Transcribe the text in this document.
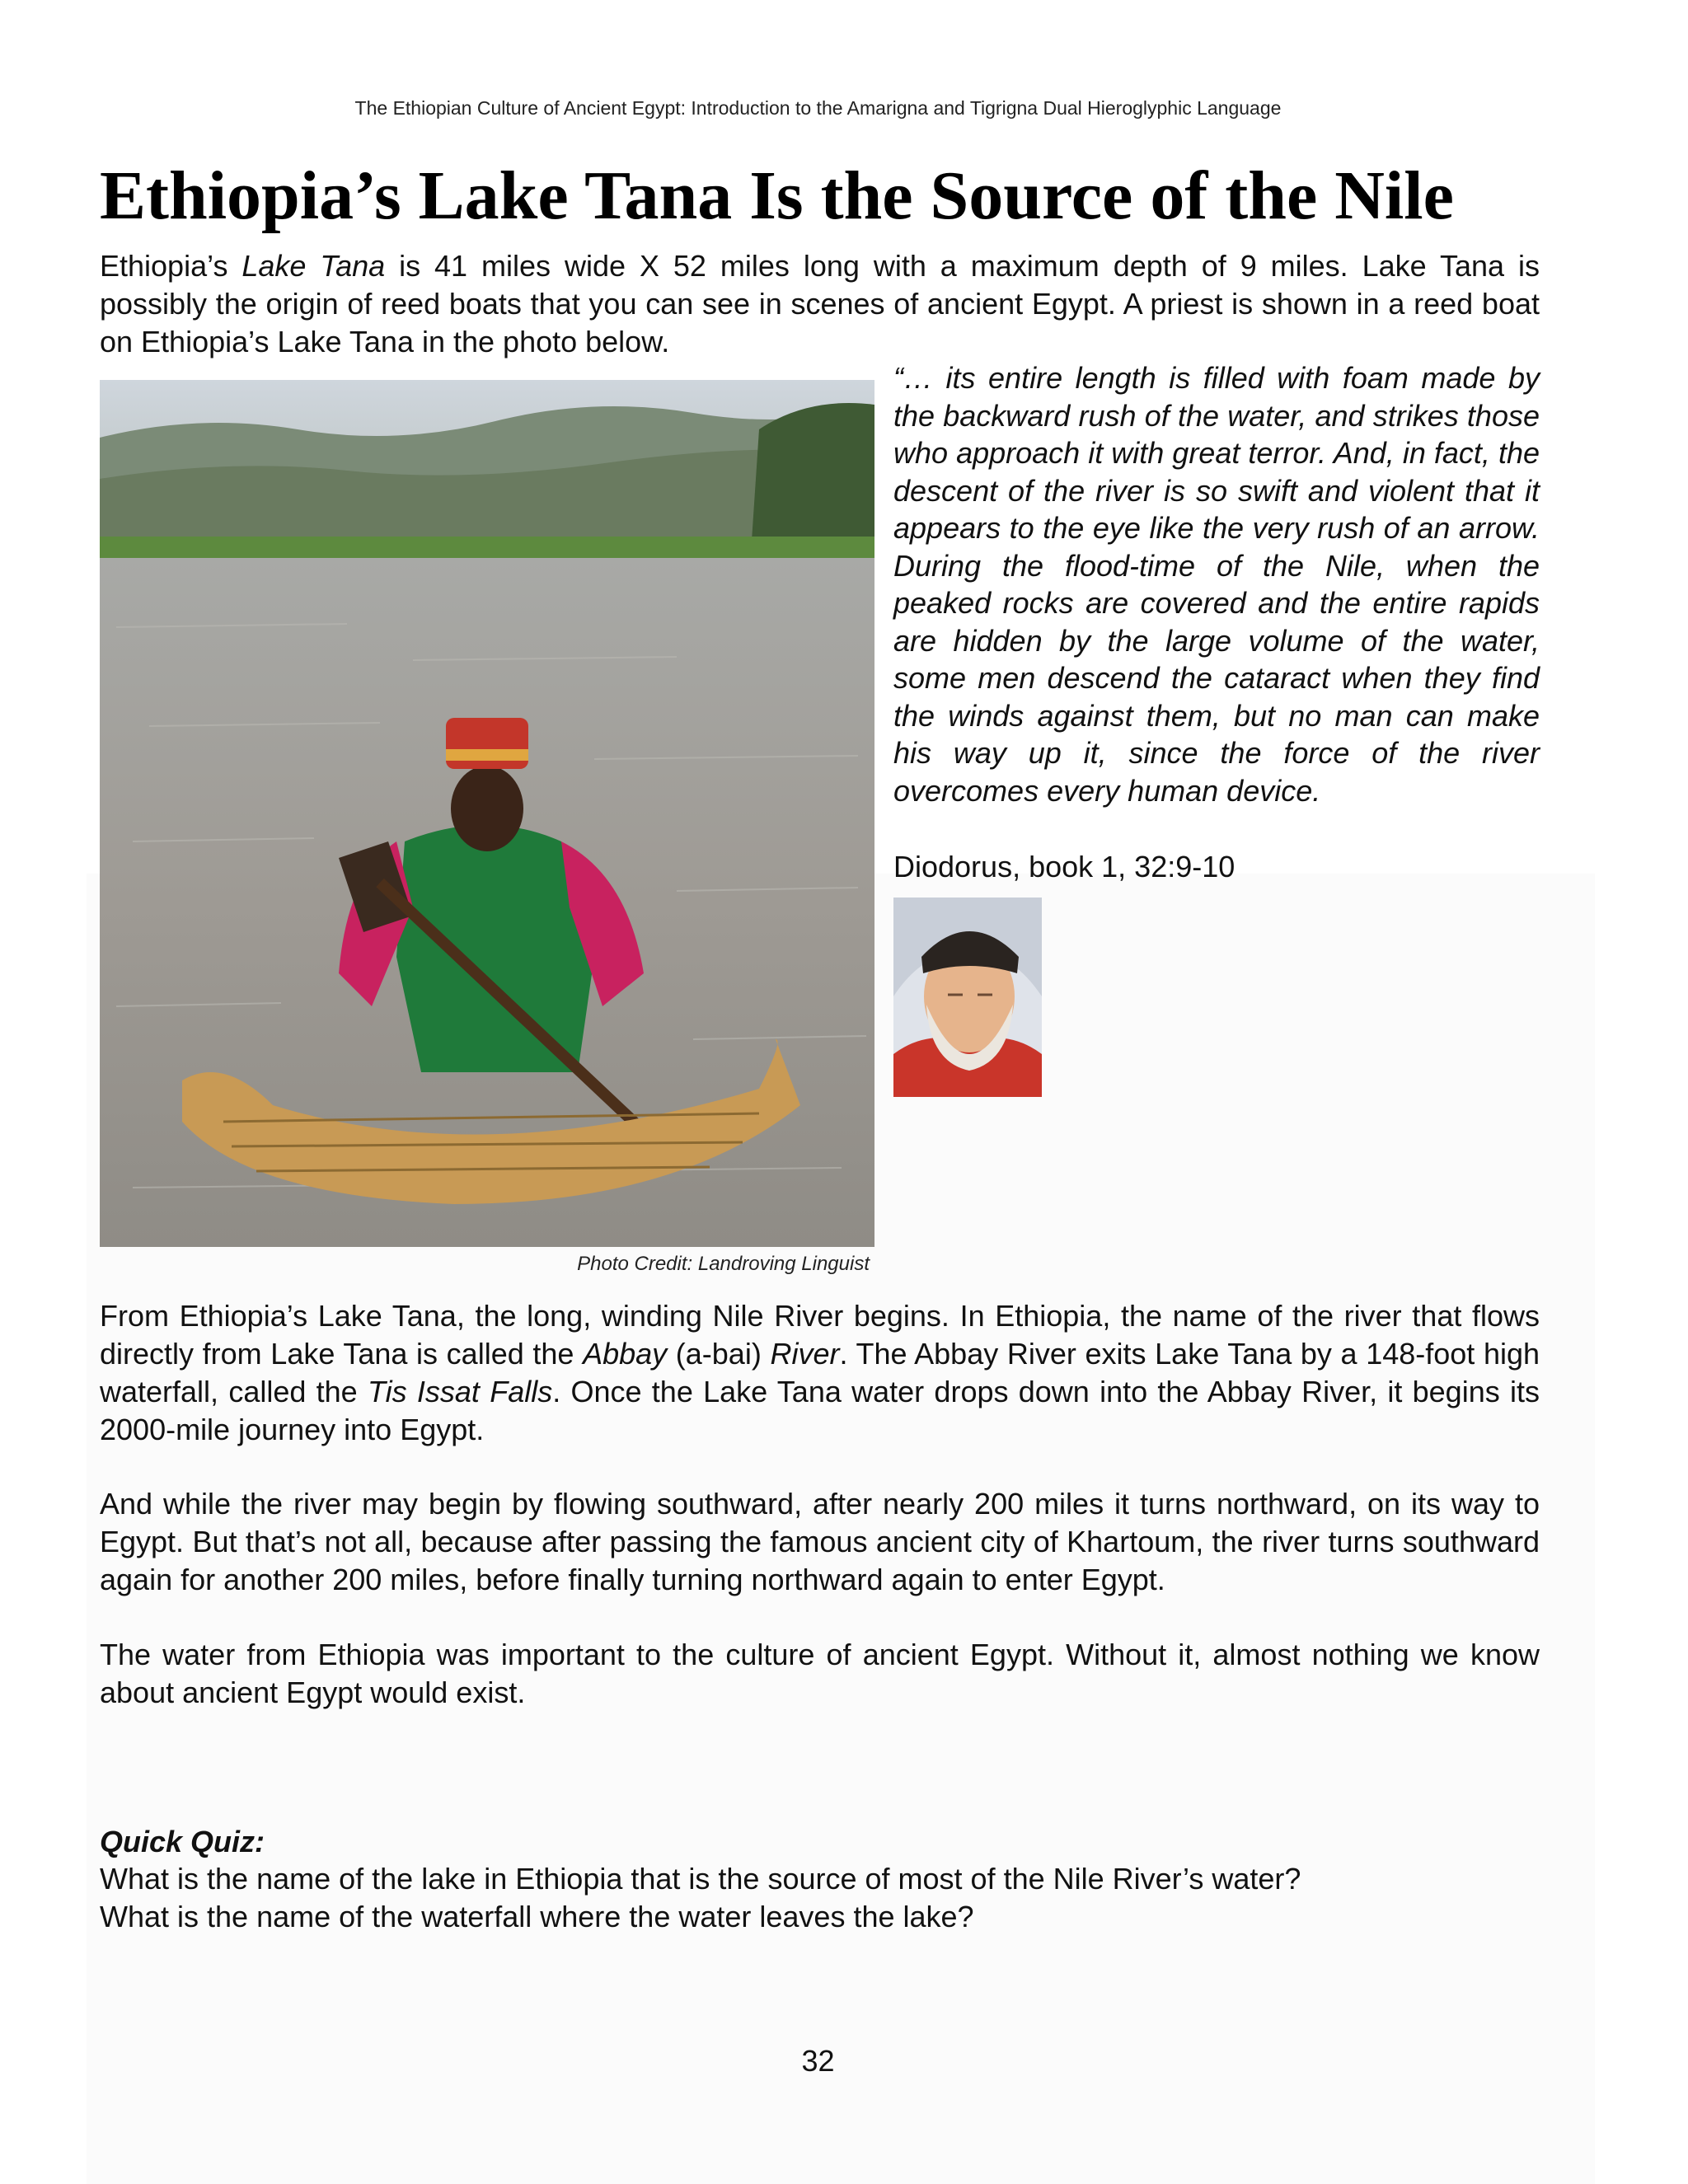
The Ethiopian Culture of Ancient Egypt: Introduction to the Amarigna and Tigrigna Dual Hieroglyphic Language
Ethiopia’s Lake Tana Is the Source of the Nile

Ethiopia’s Lake Tana is 41 miles wide X 52 miles long with a maximum depth of 9 miles. Lake Tana is possibly the origin of reed boats that you can see in scenes of ancient Egypt. A priest is shown in a reed boat on Ethiopia’s Lake Tana in the photo below.

Photo Credit: Landroving Linguist
“… its entire length is filled with foam made by the backward rush of the water, and strikes those who approach it with great terror. And, in fact, the descent of the river is so swift and violent that it appears to the eye like the very rush of an arrow. During the flood-time of the Nile, when the peaked rocks are covered and the entire rapids are hidden by the large volume of the water, some men descend the cataract when they find the winds against them, but no man can make his way up it, since the force of the river overcomes every human device.
Diodorus, book 1, 32:9-10

From Ethiopia’s Lake Tana, the long, winding Nile River begins. In Ethiopia, the name of the river that flows directly from Lake Tana is called the Abbay (a-bai) River. The Abbay River exits Lake Tana by a 148-foot high waterfall, called the Tis Issat Falls. Once the Lake Tana water drops down into the Abbay River, it begins its 2000-mile journey into Egypt.

And while the river may begin by flowing southward, after nearly 200 miles it turns northward, on its way to Egypt. But that’s not all, because after passing the famous ancient city of Khartoum, the river turns southward again for another 200 miles, before finally turning northward again to enter Egypt.

The water from Ethiopia was important to the culture of ancient Egypt. Without it, almost nothing we know about ancient Egypt would exist.

Quick Quiz:
What is the name of the lake in Ethiopia that is the source of most of the Nile River’s water?
What is the name of the waterfall where the water leaves the lake?
32
